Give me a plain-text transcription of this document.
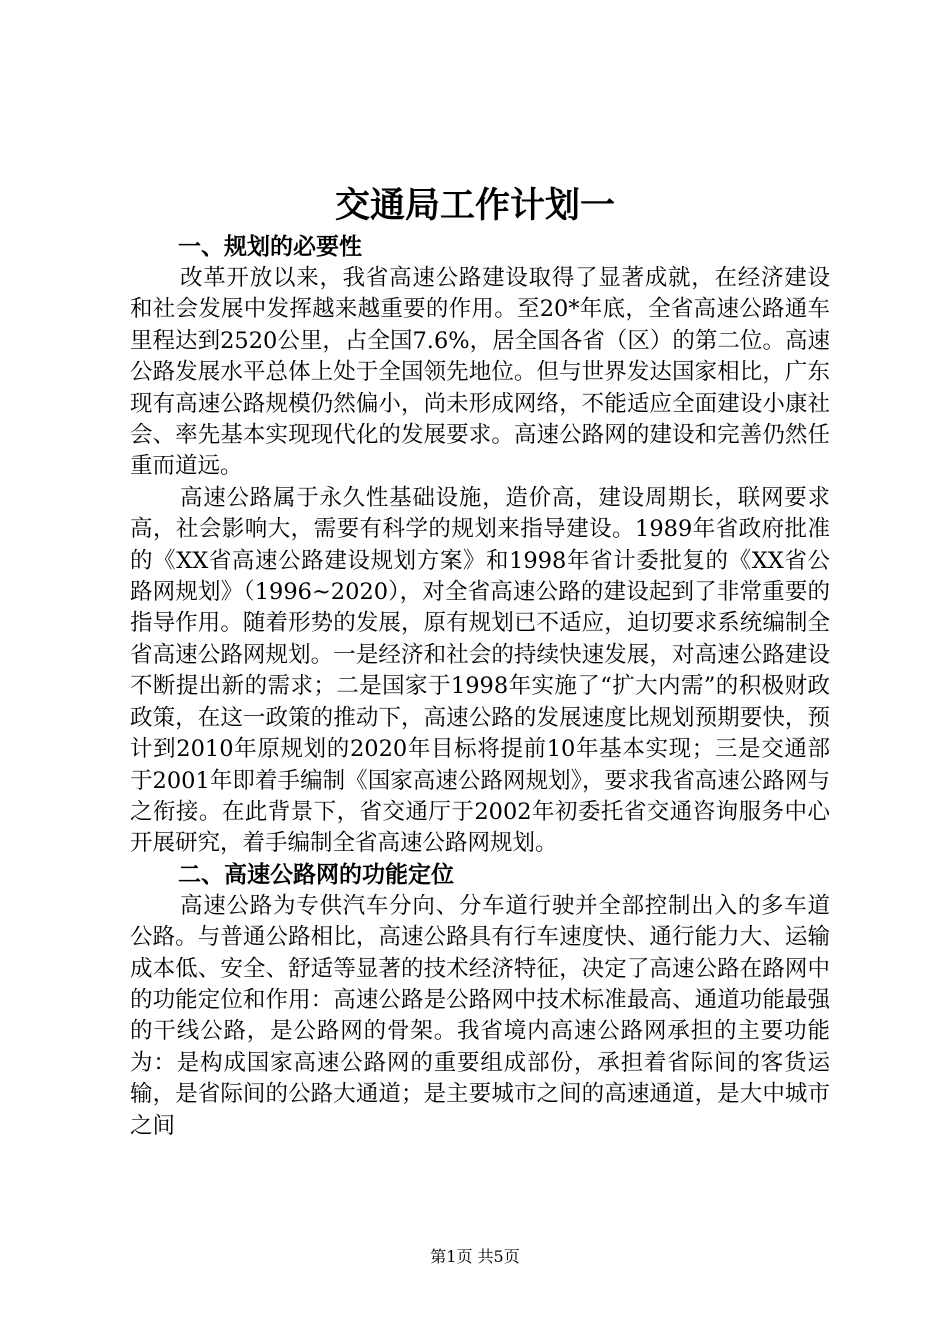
交通局工作计划一
一、规划的必要性

改革开放以来，我省高速公路建设取得了显著成就，在经济建设和社会发展中发挥越来越重要的作用。至20*年底，全省高速公路通车里程达到2520公里，占全国7.6%，居全国各省（区）的第二位。高速公路发展水平总体上处于全国领先地位。但与世界发达国家相比，广东现有高速公路规模仍然偏小，尚未形成网络，不能适应全面建设小康社会、率先基本实现现代化的发展要求。高速公路网的建设和完善仍然任重而道远。

高速公路属于永久性基础设施，造价高，建设周期长，联网要求高，社会影响大，需要有科学的规划来指导建设。1989年省政府批准的《XX省高速公路建设规划方案》和1998年省计委批复的《XX省公路网规划》（1996~2020），对全省高速公路的建设起到了非常重要的指导作用。随着形势的发展，原有规划已不适应，迫切要求系统编制全省高速公路网规划。一是经济和社会的持续快速发展，对高速公路建设不断提出新的需求；二是国家于1998年实施了“扩大内需”的积极财政政策，在这一政策的推动下，高速公路的发展速度比规划预期要快，预计到2010年原规划的2020年目标将提前10年基本实现；三是交通部于2001年即着手编制《国家高速公路网规划》，要求我省高速公路网与之衔接。在此背景下，省交通厅于2002年初委托省交通咨询服务中心开展研究，着手编制全省高速公路网规划。

二、高速公路网的功能定位

高速公路为专供汽车分向、分车道行驶并全部控制出入的多车道公路。与普通公路相比，高速公路具有行车速度快、通行能力大、运输成本低、安全、舒适等显著的技术经济特征，决定了高速公路在路网中的功能定位和作用：高速公路是公路网中技术标准最高、通道功能最强的干线公路，是公路网的骨架。我省境内高速公路网承担的主要功能为：是构成国家高速公路网的重要组成部份，承担着省际间的客货运输，是省际间的公路大通道；是主要城市之间的高速通道，是大中城市之间

第1页 共5页
